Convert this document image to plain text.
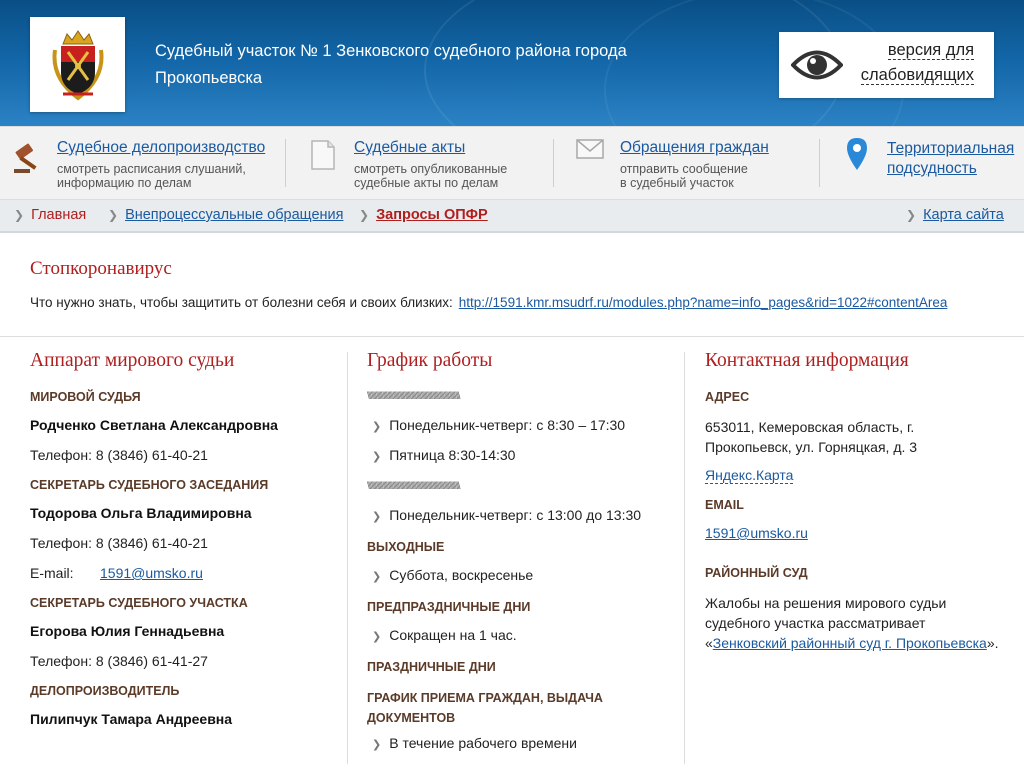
Судебный участок № 1 Зенковского судебного района города
Прокопьевска
версия для
слабовидящих
Судебное делопроизводство
смотреть расписания слушаний,
информацию по делам
Судебные акты
смотреть опубликованные
судебные акты по делам
Обращения граждан
отправить сообщение
в судебный участок
Территориальная
подсудность
❯ Главная ❯ Внепроцессуальные обращения ❯ Запросы ОПФР	❯ Карта сайта
Стопкоронавирус
Что нужно знать, чтобы защитить от болезни себя и своих близких: http://1591.kmr.msudrf.ru/modules.php?name=info_pages&rid=1022#contentArea
Аппарат мирового судьи
МИРОВОЙ СУДЬЯ
Родченко Светлана Александровна
Телефон: 8 (3846) 61-40-21
СЕКРЕТАРЬ СУДЕБНОГО ЗАСЕДАНИЯ
Тодорова Ольга Владимировна
Телефон: 8 (3846) 61-40-21
E-mail: 1591@umsko.ru
СЕКРЕТАРЬ СУДЕБНОГО УЧАСТКА
Егорова Юлия Геннадьевна
Телефон: 8 (3846) 61-41-27
ДЕЛОПРОИЗВОДИТЕЛЬ
Пилипчук Тамара Андреевна
График работы
\\\\\\\\\\\\\\\\\\\\\\\\\\\\\\\\\\\\\\\\\\\\\\\\\\\\\\\\\\\\\\\\\\\\\\\\
❯ Понедельник-четверг: с 8:30 – 17:30
❯ Пятница 8:30-14:30
\\\\\\\\\\\\\\\\\\\\\\\\\\\\\\\\\\\\\\\\\\\\\\\\\\\\\\\\\\\\\\\\\\\\\\\\
❯ Понедельник-четверг: с 13:00 до 13:30
ВЫХОДНЫЕ
❯ Суббота, воскресенье
ПРЕДПРАЗДНИЧНЫЕ ДНИ
❯ Сокращен на 1 час.
ПРАЗДНИЧНЫЕ ДНИ
ГРАФИК ПРИЕМА ГРАЖДАН, ВЫДАЧА
ДОКУМЕНТОВ
❯ В течение рабочего времени
Контактная информация
АДРЕС
653011, Кемеровская область, г.
Прокопьевск, ул. Горняцкая, д. 3
Яндекс.Карта
EMAIL
1591@umsko.ru
РАЙОННЫЙ СУД
Жалобы на решения мирового судьи
судебного участка рассматривает
«Зенковский районный суд г. Прокопьевска».
